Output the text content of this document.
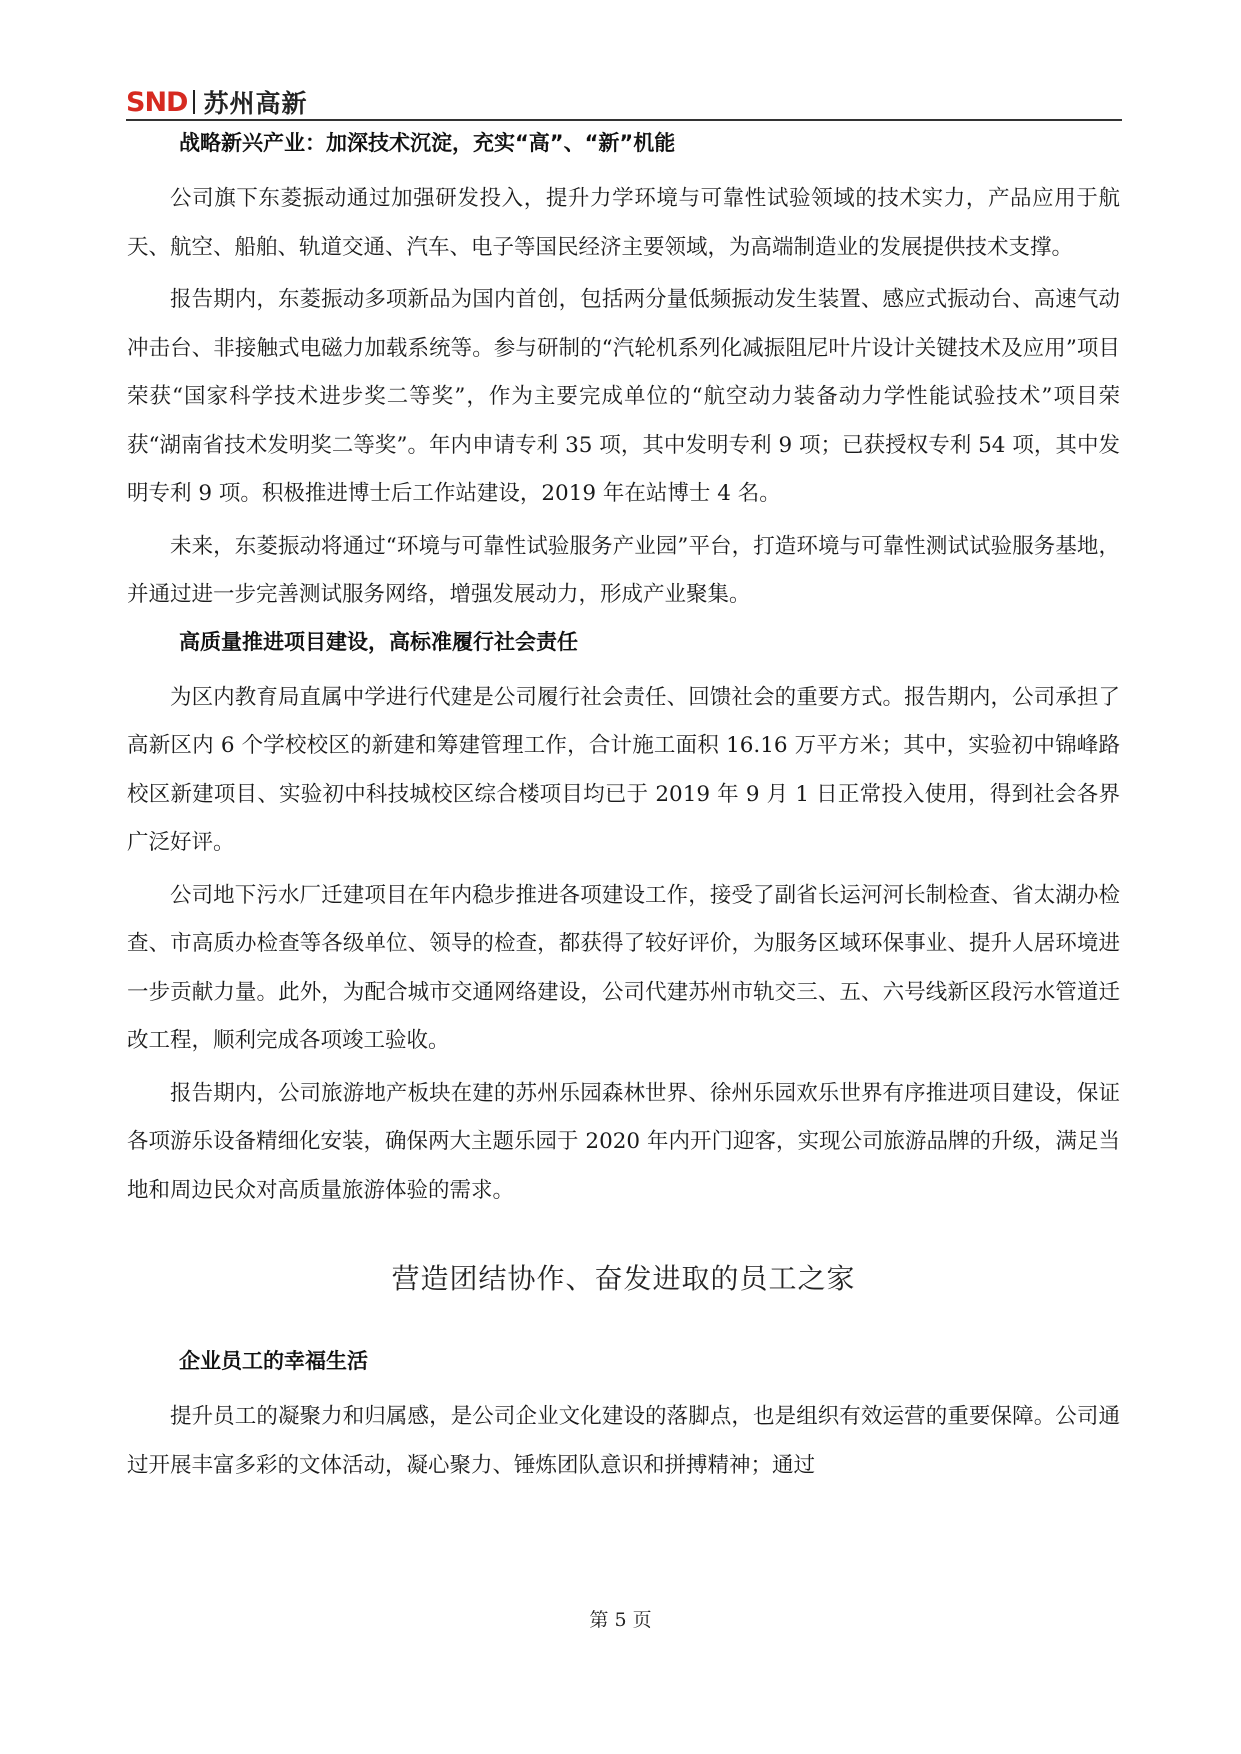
SND 苏州高新
战略新兴产业：加深技术沉淀，充实“高”、“新”机能

公司旗下东菱振动通过加强研发投入，提升力学环境与可靠性试验领域的技术实力，产品应用于航天、航空、船舶、轨道交通、汽车、电子等国民经济主要领域，为高端制造业的发展提供技术支撑。

报告期内，东菱振动多项新品为国内首创，包括两分量低频振动发生装置、感应式振动台、高速气动冲击台、非接触式电磁力加载系统等。参与研制的“汽轮机系列化减振阻尼叶片设计关键技术及应用”项目荣获“国家科学技术进步奖二等奖”，作为主要完成单位的“航空动力装备动力学性能试验技术”项目荣获“湖南省技术发明奖二等奖”。年内申请专利 35 项，其中发明专利 9 项；已获授权专利 54 项，其中发明专利 9 项。积极推进博士后工作站建设，2019 年在站博士 4 名。

未来，东菱振动将通过“环境与可靠性试验服务产业园”平台，打造环境与可靠性测试试验服务基地，并通过进一步完善测试服务网络，增强发展动力，形成产业聚集。

高质量推进项目建设，高标准履行社会责任

为区内教育局直属中学进行代建是公司履行社会责任、回馈社会的重要方式。报告期内，公司承担了高新区内 6 个学校校区的新建和筹建管理工作，合计施工面积 16.16 万平方米；其中，实验初中锦峰路校区新建项目、实验初中科技城校区综合楼项目均已于 2019 年 9 月 1 日正常投入使用，得到社会各界广泛好评。

公司地下污水厂迁建项目在年内稳步推进各项建设工作，接受了副省长运河河长制检查、省太湖办检查、市高质办检查等各级单位、领导的检查，都获得了较好评价，为服务区域环保事业、提升人居环境进一步贡献力量。此外，为配合城市交通网络建设，公司代建苏州市轨交三、五、六号线新区段污水管道迁改工程，顺利完成各项竣工验收。

报告期内，公司旅游地产板块在建的苏州乐园森林世界、徐州乐园欢乐世界有序推进项目建设，保证各项游乐设备精细化安装，确保两大主题乐园于 2020 年内开门迎客，实现公司旅游品牌的升级，满足当地和周边民众对高质量旅游体验的需求。

营造团结协作、奋发进取的员工之家
企业员工的幸福生活

提升员工的凝聚力和归属感，是公司企业文化建设的落脚点，也是组织有效运营的重要保障。公司通过开展丰富多彩的文体活动，凝心聚力、锤炼团队意识和拼搏精神；通过

第 5 页
